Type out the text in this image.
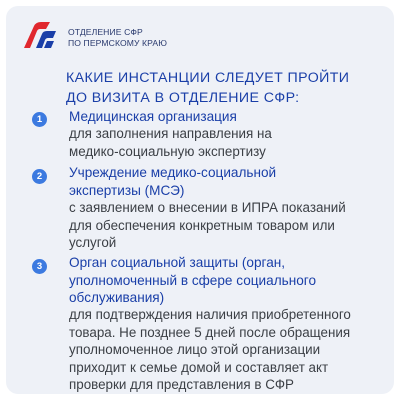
ОТДЕЛЕНИЕ СФР
ПО ПЕРМСКОМУ КРАЮ
КАКИЕ ИНСТАНЦИИ СЛЕДУЕТ ПРОЙТИ
ДО ВИЗИТА В ОТДЕЛЕНИЕ СФР:
1	Медицинская организация
для заполнения направления на
медико-социальную экспертизу
2	Учреждение медико-социальной
экспертизы (МСЭ)
с заявлением о внесении в ИПРА показаний
для обеспечения конкретным товаром или
услугой
3	Орган социальной защиты (орган,
уполномоченный в сфере социального
обслуживания)
для подтверждения наличия приобретенного
товара. Не позднее 5 дней после обращения
уполномоченное лицо этой организации
приходит к семье домой и составляет акт
проверки для представления в СФР
